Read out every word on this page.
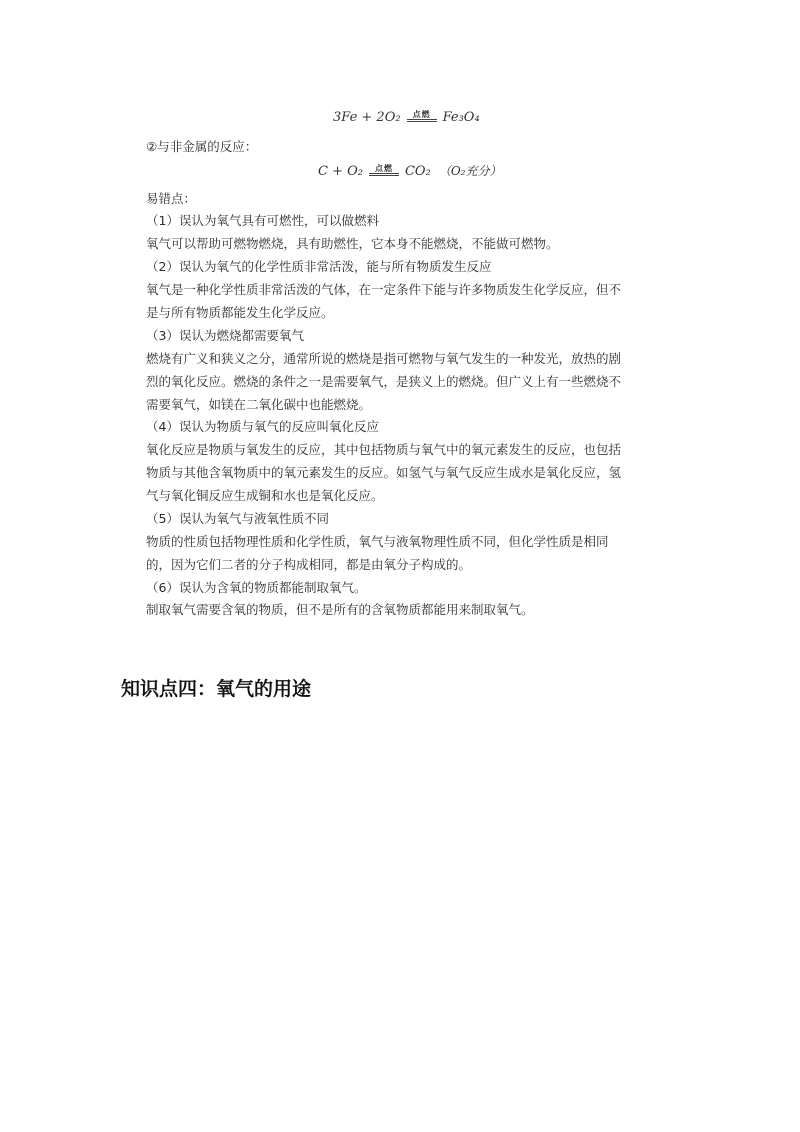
3Fe + 2O₂ 点燃 Fe₃O₄
②与非金属的反应：
C + O₂ 点燃 CO₂ （O₂充分）
易错点：
（1）误认为氧气具有可燃性，可以做燃料
氧气可以帮助可燃物燃烧，具有助燃性，它本身不能燃烧，不能做可燃物。
（2）误认为氧气的化学性质非常活泼，能与所有物质发生反应
氧气是一种化学性质非常活泼的气体，在一定条件下能与许多物质发生化学反应，但不
是与所有物质都能发生化学反应。
（3）误认为燃烧都需要氧气
燃烧有广义和狭义之分，通常所说的燃烧是指可燃物与氧气发生的一种发光，放热的剧
烈的氧化反应。燃烧的条件之一是需要氧气，是狭义上的燃烧。但广义上有一些燃烧不
需要氧气，如镁在二氧化碳中也能燃烧。
（4）误认为物质与氧气的反应叫氧化反应
氧化反应是物质与氧发生的反应，其中包括物质与氧气中的氧元素发生的反应，也包括
物质与其他含氧物质中的氧元素发生的反应。如氢气与氧气反应生成水是氧化反应，氢
气与氧化铜反应生成铜和水也是氧化反应。
（5）误认为氧气与液氧性质不同
物质的性质包括物理性质和化学性质，氧气与液氧物理性质不同，但化学性质是相同
的，因为它们二者的分子构成相同，都是由氧分子构成的。
（6）误认为含氧的物质都能制取氧气。
制取氧气需要含氧的物质，但不是所有的含氧物质都能用来制取氧气。
知识点四：氧气的用途
